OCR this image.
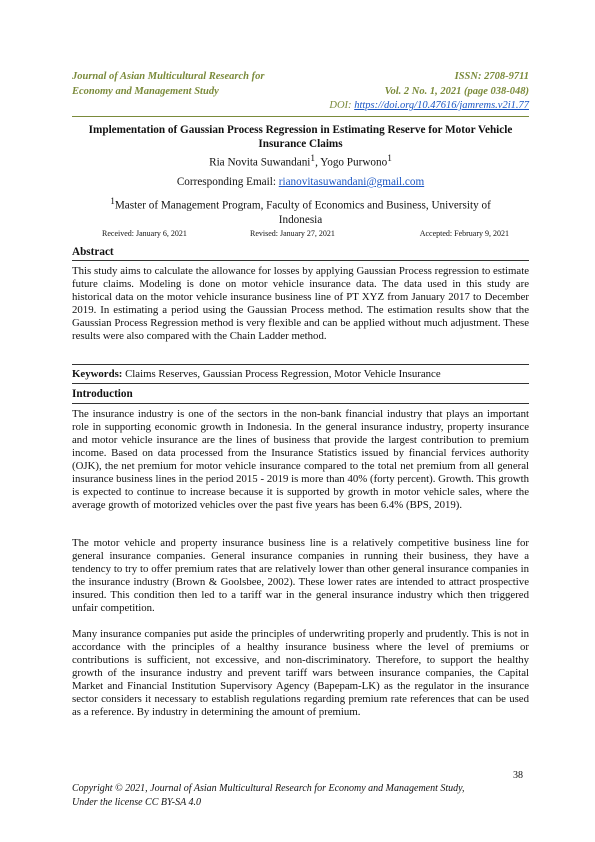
Journal of Asian Multicultural Research for
Economy and Management Study
ISSN: 2708-9711
Vol. 2 No. 1, 2021 (page 038-048)
DOI: https://doi.org/10.47616/jamrems.v2i1.77
Implementation of Gaussian Process Regression in Estimating Reserve for Motor Vehicle Insurance Claims
Ria Novita Suwandani$^1$, Yogo Purwono$^1$
Corresponding Email: rianovitasuwandani@gmail.com
$^1$Master of Management Program, Faculty of Economics and Business, University of Indonesia
Received: January 6, 2021	Revised: January 27, 2021	Accepted: February 9, 2021
Abstract

This study aims to calculate the allowance for losses by applying Gaussian Process regression to estimate future claims. Modeling is done on motor vehicle insurance data. The data used in this study are historical data on the motor vehicle insurance business line of PT XYZ from January 2017 to December 2019. In estimating a period using the Gaussian Process method. The estimation results show that the Gaussian Process Regression method is very flexible and can be applied without much adjustment. These results were also compared with the Chain Ladder method.

Keywords: Claims Reserves, Gaussian Process Regression, Motor Vehicle Insurance
Introduction

The insurance industry is one of the sectors in the non-bank financial industry that plays an important role in supporting economic growth in Indonesia. In the general insurance industry, property insurance and motor vehicle insurance are the lines of business that provide the largest contribution to premium income. Based on data processed from the Insurance Statistics issued by financial fervices authority (OJK), the net premium for motor vehicle insurance compared to the total net premium from all general insurance business lines in the period 2015 - 2019 is more than 40% (forty percent). Growth. This growth is expected to continue to increase because it is supported by growth in motor vehicle sales, where the average growth of motorized vehicles over the past five years has been 6.4% (BPS, 2019).

The motor vehicle and property insurance business line is a relatively competitive business line for general insurance companies. General insurance companies in running their business, they have a tendency to try to offer premium rates that are relatively lower than other general insurance companies in the insurance industry (Brown & Goolsbee, 2002). These lower rates are intended to attract prospective insured. This condition then led to a tariff war in the general insurance industry which then triggered unfair competition.

Many insurance companies put aside the principles of underwriting properly and prudently. This is not in accordance with the principles of a healthy insurance business where the level of premiums or contributions is sufficient, not excessive, and non-discriminatory. Therefore, to support the healthy growth of the insurance industry and prevent tariff wars between insurance companies, the Capital Market and Financial Institution Supervisory Agency (Bapepam-LK) as the regulator in the insurance sector considers it necessary to establish regulations regarding premium rate references that can be used as a reference. By industry in determining the amount of premium.

38
Copyright © 2021, Journal of Asian Multicultural Research for Economy and Management Study,
Under the license CC BY-SA 4.0
